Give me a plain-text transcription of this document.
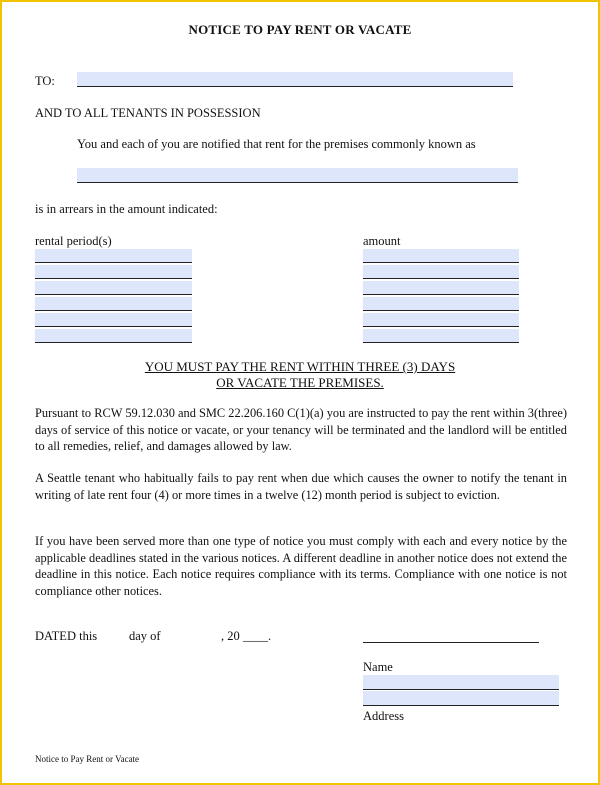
NOTICE TO PAY RENT OR VACATE
TO:
AND TO ALL TENANTS IN POSSESSION
You and each of you are notified that rent for the premises commonly known as
is in arrears in the amount indicated:
rental period(s)	amount
YOU MUST PAY THE RENT WITHIN THREE (3) DAYS
OR VACATE THE PREMISES.
Pursuant to RCW 59.12.030 and SMC 22.206.160 C(1)(a) you are instructed to pay the rent within 3(three) days of service of this notice or vacate, or your tenancy will be terminated and the landlord will be entitled to all remedies, relief, and damages allowed by law.
A Seattle tenant who habitually fails to pay rent when due which causes the owner to notify the tenant in writing of late rent four (4) or more times in a twelve (12) month period is subject to eviction.
If you have been served more than one type of notice you must comply with each and every notice by the applicable deadlines stated in the various notices. A different deadline in another notice does not extend the deadline in this notice. Each notice requires compliance with its terms. Compliance with one notice is not compliance other notices.
DATED this	day of	, 20 ____.
Name
Address
Notice to Pay Rent or Vacate
